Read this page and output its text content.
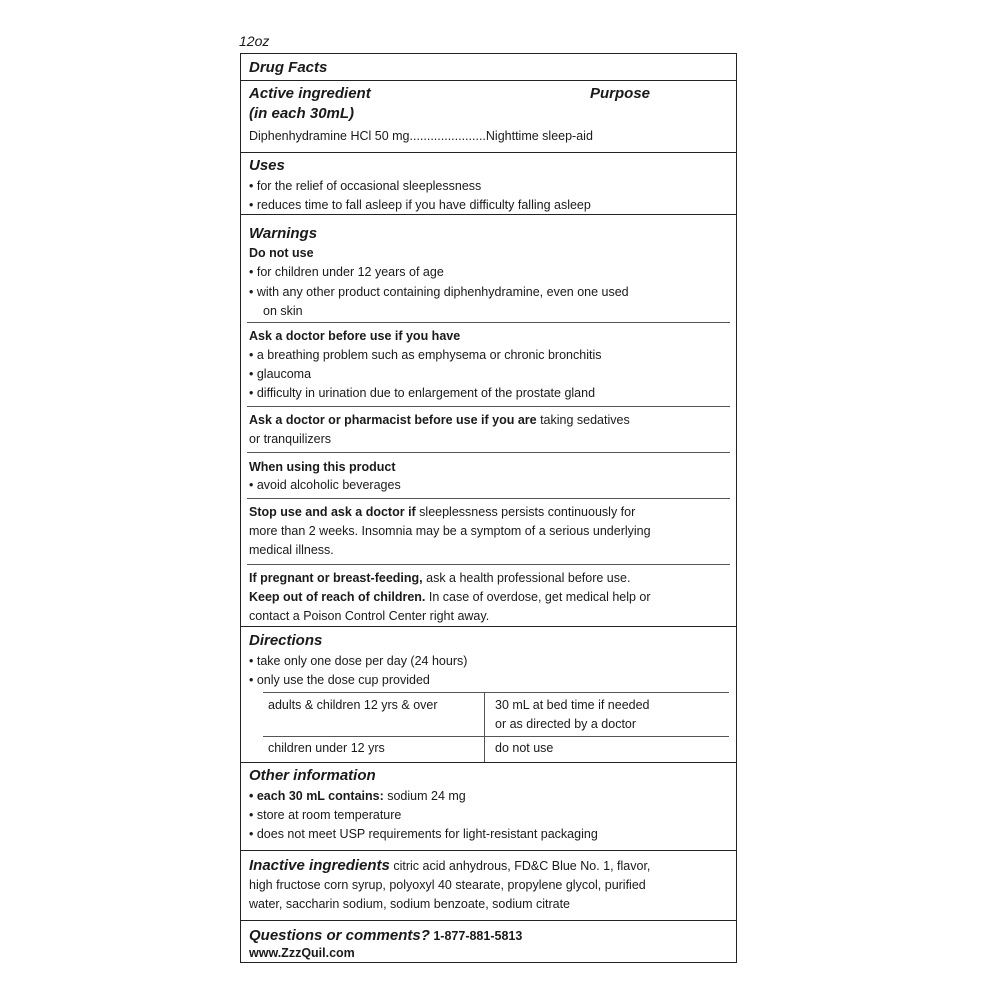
12oz
Drug Facts
Active ingredient
(in each 30mL)
Purpose
Diphenhydramine HCl 50 mg......................Nighttime sleep-aid
Uses
• for the relief of occasional sleeplessness
• reduces time to fall asleep if you have difficulty falling asleep
Warnings
Do not use
• for children under 12 years of age
• with any other product containing diphenhydramine, even one used
on skin
Ask a doctor before use if you have
• a breathing problem such as emphysema or chronic bronchitis
• glaucoma
• difficulty in urination due to enlargement of the prostate gland
Ask a doctor or pharmacist before use if you are taking sedatives
or tranquilizers
When using this product
• avoid alcoholic beverages
Stop use and ask a doctor if sleeplessness persists continuously for
more than 2 weeks. Insomnia may be a symptom of a serious underlying
medical illness.
If pregnant or breast-feeding, ask a health professional before use.
Keep out of reach of children. In case of overdose, get medical help or
contact a Poison Control Center right away.
Directions
• take only one dose per day (24 hours)
• only use the dose cup provided
adults & children 12 yrs & over	30 mL at bed time if needed
or as directed by a doctor
children under 12 yrs	do not use
Other information
• each 30 mL contains: sodium 24 mg
• store at room temperature
• does not meet USP requirements for light-resistant packaging
Inactive ingredients citric acid anhydrous, FD&C Blue No. 1, flavor,
high fructose corn syrup, polyoxyl 40 stearate, propylene glycol, purified
water, saccharin sodium, sodium benzoate, sodium citrate
Questions or comments? 1-877-881-5813
www.ZzzQuil.com
